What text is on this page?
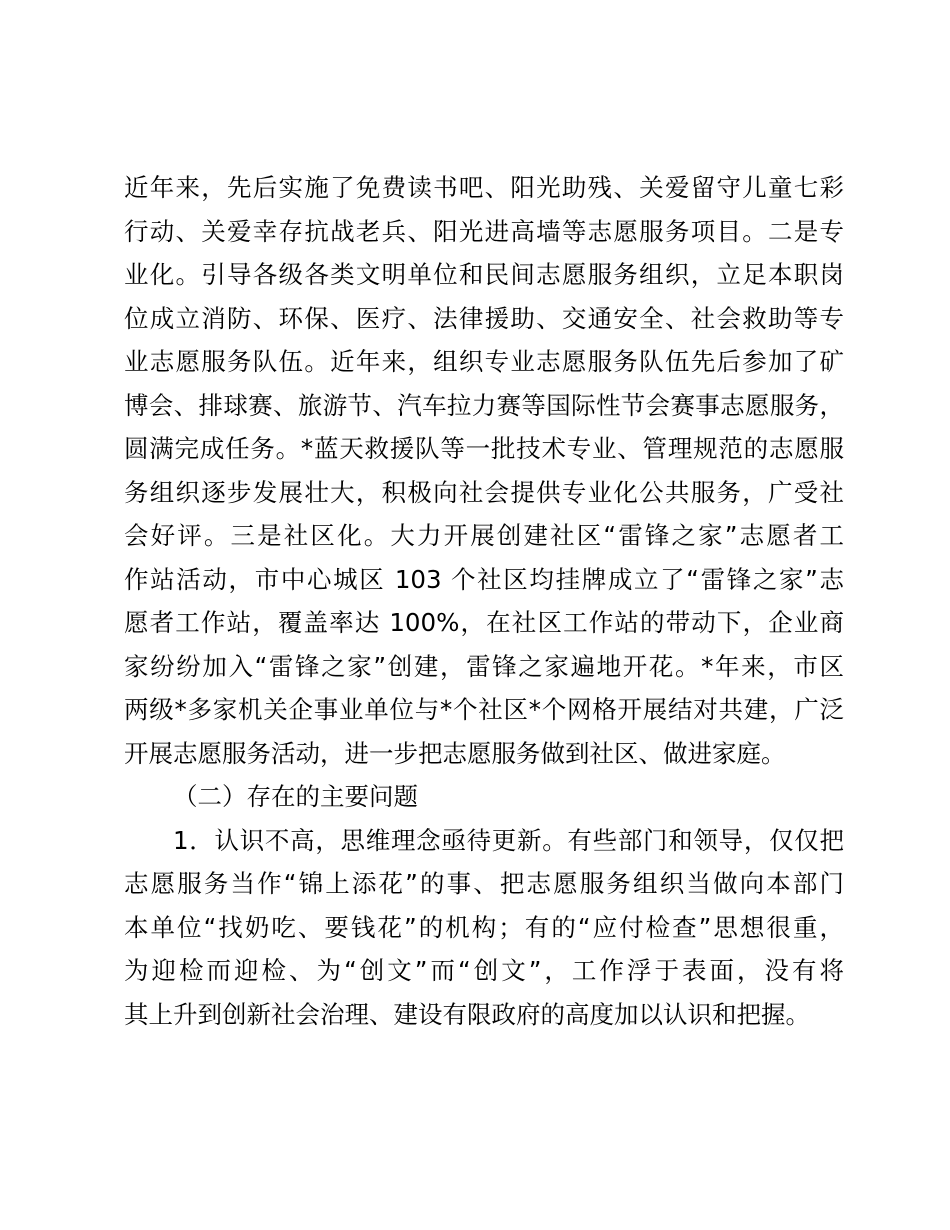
近年来，先后实施了免费读书吧、阳光助残、关爱留守儿童七彩
行动、关爱幸存抗战老兵、阳光进高墙等志愿服务项目。二是专
业化。引导各级各类文明单位和民间志愿服务组织，立足本职岗
位成立消防、环保、医疗、法律援助、交通安全、社会救助等专
业志愿服务队伍。近年来，组织专业志愿服务队伍先后参加了矿
博会、排球赛、旅游节、汽车拉力赛等国际性节会赛事志愿服务，
圆满完成任务。*蓝天救援队等一批技术专业、管理规范的志愿服
务组织逐步发展壮大，积极向社会提供专业化公共服务，广受社
会好评。三是社区化。大力开展创建社区“雷锋之家”志愿者工
作站活动，市中心城区 103 个社区均挂牌成立了“雷锋之家”志
愿者工作站，覆盖率达 100%，在社区工作站的带动下，企业商
家纷纷加入“雷锋之家”创建，雷锋之家遍地开花。*年来，市区
两级*多家机关企事业单位与*个社区*个网格开展结对共建，广泛
开展志愿服务活动，进一步把志愿服务做到社区、做进家庭。
（二）存在的主要问题
1．认识不高，思维理念亟待更新。有些部门和领导，仅仅把
志愿服务当作“锦上添花”的事、把志愿服务组织当做向本部门
本单位“找奶吃、要钱花”的机构；有的“应付检查”思想很重，
为迎检而迎检、为“创文”而“创文”，工作浮于表面，没有将
其上升到创新社会治理、建设有限政府的高度加以认识和把握。
